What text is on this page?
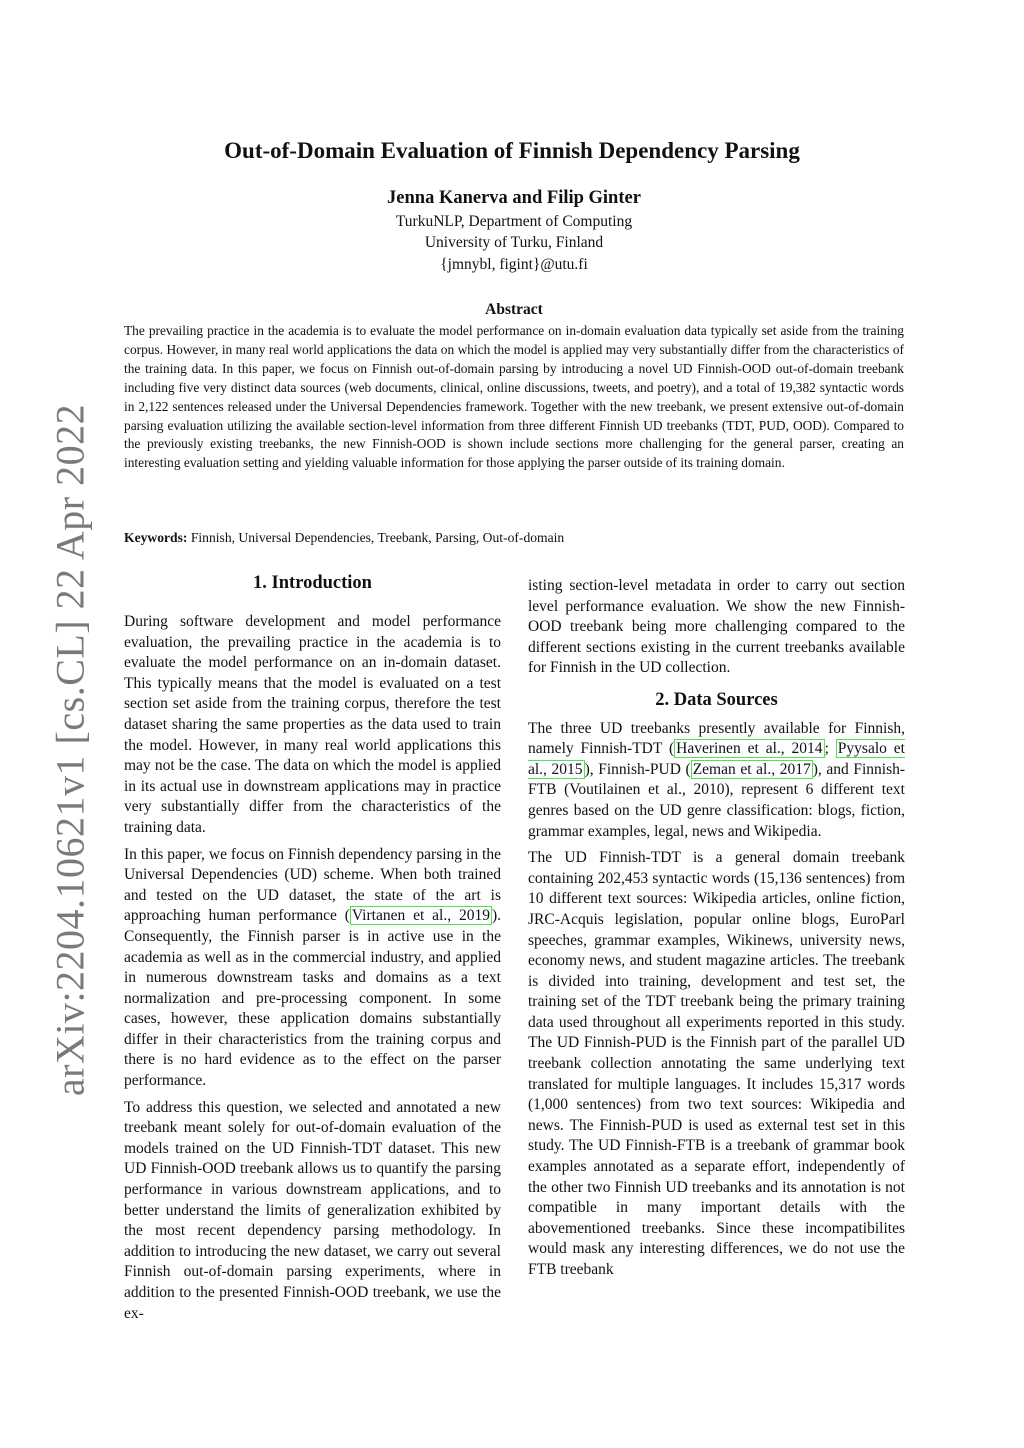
arXiv:2204.10621v1 [cs.CL] 22 Apr 2022
Out-of-Domain Evaluation of Finnish Dependency Parsing
Jenna Kanerva and Filip Ginter
TurkuNLP, Department of Computing
University of Turku, Finland
{jmnybl, figint}@utu.fi
Abstract
The prevailing practice in the academia is to evaluate the model performance on in-domain evaluation data typically set aside from the training corpus. However, in many real world applications the data on which the model is applied may very substantially differ from the characteristics of the training data. In this paper, we focus on Finnish out-of-domain parsing by introducing a novel UD Finnish-OOD out-of-domain treebank including five very distinct data sources (web documents, clinical, online discussions, tweets, and poetry), and a total of 19,382 syntactic words in 2,122 sentences released under the Universal Dependencies framework. Together with the new treebank, we present extensive out-of-domain parsing evaluation utilizing the available section-level information from three different Finnish UD treebanks (TDT, PUD, OOD). Compared to the previously existing treebanks, the new Finnish-OOD is shown include sections more challenging for the general parser, creating an interesting evaluation setting and yielding valuable information for those applying the parser outside of its training domain.
Keywords: Finnish, Universal Dependencies, Treebank, Parsing, Out-of-domain
1. Introduction

During software development and model performance evaluation, the prevailing practice in the academia is to evaluate the model performance on an in-domain dataset. This typically means that the model is evaluated on a test section set aside from the training corpus, therefore the test dataset sharing the same properties as the data used to train the model. However, in many real world applications this may not be the case. The data on which the model is applied in its actual use in downstream applications may in practice very substantially differ from the characteristics of the training data.

In this paper, we focus on Finnish dependency parsing in the Universal Dependencies (UD) scheme. When both trained and tested on the UD dataset, the state of the art is approaching human performance ( Virtanen et al., 2019 ). Consequently, the Finnish parser is in active use in the academia as well as in the commercial industry, and applied in numerous downstream tasks and domains as a text normalization and pre-processing component. In some cases, however, these application domains substantially differ in their characteristics from the training corpus and there is no hard evidence as to the effect on the parser performance.

To address this question, we selected and annotated a new treebank meant solely for out-of-domain evaluation of the models trained on the UD Finnish-TDT dataset. This new UD Finnish-OOD treebank allows us to quantify the parsing performance in various downstream applications, and to better understand the limits of generalization exhibited by the most recent dependency parsing methodology. In addition to introducing the new dataset, we carry out several Finnish out-of-domain parsing experiments, where in addition to the presented Finnish-OOD treebank, we use the ex-

isting section-level metadata in order to carry out section level performance evaluation. We show the new Finnish-OOD treebank being more challenging compared to the different sections existing in the current treebanks available for Finnish in the UD collection.

2. Data Sources

The three UD treebanks presently available for Finnish, namely Finnish-TDT ( Haverinen et al., 2014 ; Pyysalo et al., 2015 ), Finnish-PUD ( Zeman et al., 2017 ), and Finnish-FTB (Voutilainen et al., 2010), represent 6 different text genres based on the UD genre classification: blogs, fiction, grammar examples, legal, news and Wikipedia.

The UD Finnish-TDT is a general domain treebank containing 202,453 syntactic words (15,136 sentences) from 10 different text sources: Wikipedia articles, online fiction, JRC-Acquis legislation, popular online blogs, EuroParl speeches, grammar examples, Wikinews, university news, economy news, and student magazine articles. The treebank is divided into training, development and test set, the training set of the TDT treebank being the primary training data used throughout all experiments reported in this study. The UD Finnish-PUD is the Finnish part of the parallel UD treebank collection annotating the same underlying text translated for multiple languages. It includes 15,317 words (1,000 sentences) from two text sources: Wikipedia and news. The Finnish-PUD is used as external test set in this study. The UD Finnish-FTB is a treebank of grammar book examples annotated as a separate effort, independently of the other two Finnish UD treebanks and its annotation is not compatible in many important details with the abovementioned treebanks. Since these incompatibilites would mask any interesting differences, we do not use the FTB treebank
